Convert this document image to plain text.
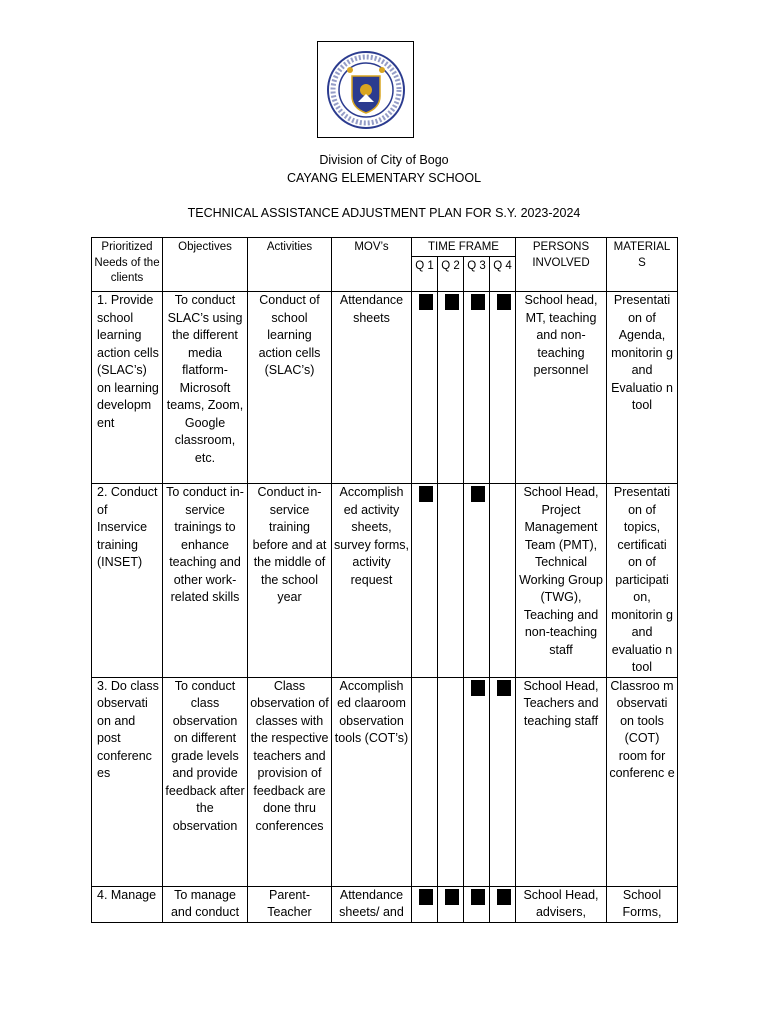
Division of City of Bogo
CAYANG ELEMENTARY SCHOOL
TECHNICAL ASSISTANCE ADJUSTMENT PLAN FOR S.Y. 2023-2024
Prioritized Needs of the clients	Objectives	Activities	MOV’s	TIME FRAME				PERSONS INVOLVED	MATERIAL S
				Q 1	Q 2	Q 3	Q 4		
1. Provide school learning action cells (SLAC’s) on learning developm ent	To conduct SLAC’s using the different media flatform- Microsoft teams, Zoom, Google classroom, etc.	Conduct of school learning action cells (SLAC’s)	Attendance sheets					School head, MT, teaching and non-teaching personnel	Presentati on of Agenda, monitorin g and Evaluatio n tool
2. Conduct of Inservice training (INSET)	To conduct in-service trainings to enhance teaching and other work-related skills	Conduct in-service training before and at the middle of the school year	Accomplish ed activity sheets, survey forms, activity request					School Head, Project Management Team (PMT), Technical Working Group (TWG), Teaching and non-teaching staff	Presentati on of topics, certificati on of participati on, monitorin g and evaluatio n tool
3. Do class observati on and post conferenc es	To conduct class observation on different grade levels and provide feedback after the observation	Class observation of classes with the respective teachers and provision of feedback are done thru conferences	Accomplish ed claaroom observation tools (COT’s)					School Head, Teachers and teaching staff	Classroo m observati on tools (COT) room for conferenc e
4. Manage	To manage and conduct	Parent- Teacher	Attendance sheets/ and					School Head, advisers,	School Forms,
